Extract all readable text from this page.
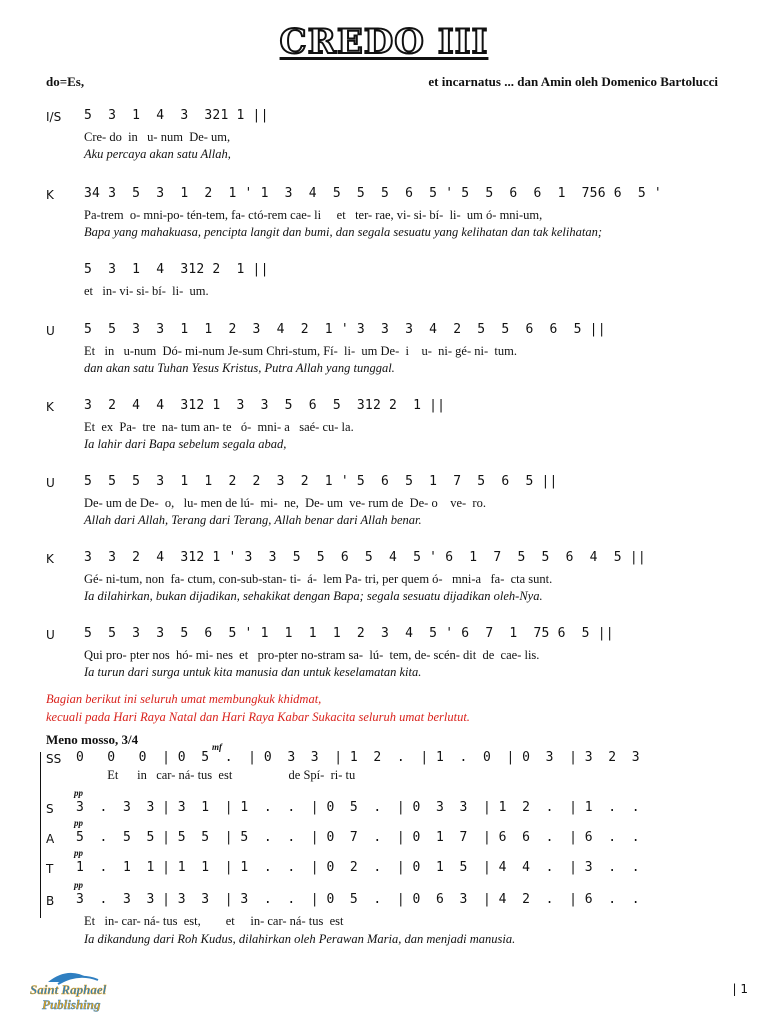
CREDO III
do=Es,	et incarnatus ... dan Amin oleh Domenico Bartolucci
I/S 5  3  1  4  3  321 1 ||
Cre- do  in   u- num  De- um,
Aku percaya akan satu Allah,
K 34 3  5  3  1  2  1 ' 1  3  4  5  5  5  6  5 ' 5  5  6  6  1  756 6  5 '
Pa-trem  o- mni-po- tén-tem, fa- ctó-rem cae- li     et   ter- rae, vi- si- bí-  li-  um ó- mni-um,
Bapa yang mahakuasa, pencipta langit dan bumi, dan segala sesuatu yang kelihatan dan tak kelihatan;
5  3  1  4  312 2  1 ||
et   in- vi- si- bí-  li-  um.
U 5  5  3  3  1  1  2  3  4  2  1 ' 3  3  3  4  2  5  5  6  6  5 ||
Et   in   u-num  Dó- mi-num Je-sum Chri-stum, Fí-  li-  um De-  i    u-  ni- gé- ni-  tum.
dan akan satu Tuhan Yesus Kristus, Putra Allah yang tunggal.
K 3  2  4  4  312 1  3  3  5  6  5  312 2  1 ||
Et  ex  Pa-  tre  na- tum an- te   ó-  mni- a   saé- cu- la.
Ia lahir dari Bapa sebelum segala abad,
U 5  5  5  3  1  1  2  2  3  2  1 ' 5  6  5  1  7  5  6  5 ||
De- um de De-  o,   lu- men de lú-  mi-  ne,  De- um  ve- rum de  De- o    ve-  ro.
Allah dari Allah, Terang dari Terang, Allah benar dari Allah benar.
K 3  3  2  4  312 1 ' 3  3  5  5  6  5  4  5 ' 6  1  7  5  5  6  4  5 ||
Gé- ni-tum, non  fa- ctum, con-sub-stan- ti-  á-  lem Pa- tri, per quem ó-   mni-a   fa-  cta sunt.
Ia dilahirkan, bukan dijadikan, sehakikat dengan Bapa; segala sesuatu dijadikan oleh-Nya.
U 5  5  3  3  5  6  5 ' 1  1  1  1  2  3  4  5 ' 6  7  1  75 6  5 ||
Qui pro- pter nos  hó- mi- nes  et   pro-pter no-stram sa-  lú-  tem, de- scén- dit  de  cae- lis.
Ia turun dari surga untuk kita manusia dan untuk keselamatan kita.
Bagian berikut ini seluruh umat membungkuk khidmat,
kecuali pada Hari Raya Natal dan Hari Raya Kabar Sukacita seluruh umat berlutut.
Meno mosso, 3/4
SS
mf
0   0   0  | 0  5  .  | 0  3  3  | 1  2  .  | 1  .  0  | 0  3  | 3  2  3
Et      in   car- ná- tus  est                  de Spí-  ri- tu
S
pp
3  .  3  3 | 3  1  | 1  .  .  | 0  5  .  | 0  3  3  | 1  2  .  | 1  .  .
A
pp
5  .  5  5 | 5  5  | 5  .  .  | 0  7  .  | 0  1  7  | 6  6  .  | 6  .  .
T
pp
1  .  1  1 | 1  1  | 1  .  .  | 0  2  .  | 0  1  5  | 4  4  .  | 3  .  .
B
pp
3  .  3  3 | 3  3  | 3  .  .  | 0  5  .  | 0  6  3  | 4  2  .  | 6  .  .
Et   in- car- ná- tus  est,        et     in- car- ná- tus  est
Ia dikandung dari Roh Kudus, dilahirkan oleh Perawan Maria, dan menjadi manusia.
Saint Raphael
Publishing
| 1
